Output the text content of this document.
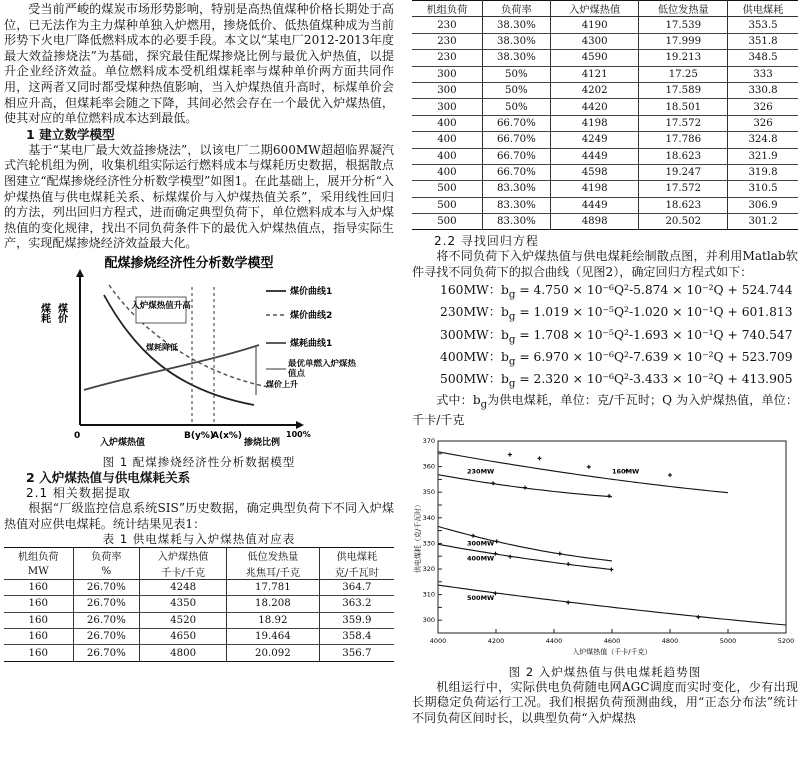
受当前严峻的煤炭市场形势影响，特别是高热值煤种价格长期处于高位，已无法作为主力煤种单独入炉燃用，掺烧低价、低热值煤种成为当前形势下火电厂降低燃料成本的必要手段。本文以“某电厂2012-2013年度最大效益掺烧法”为基础，探究最佳配煤掺烧比例与最优入炉热值，以提升企业经济效益。单位燃料成本受机组煤耗率与煤种单价两方面共同作用，这两者又同时都受煤种热值影响，当入炉煤热值升高时，标煤单价会相应升高，但煤耗率会随之下降，其间必然会存在一个最优入炉煤热值，使其对应的单位燃料成本达到最低。

1 建立数学模型

基于“某电厂最大效益掺烧法”，以该电厂二期600MW超超临界凝汽式汽轮机组为例，收集机组实际运行燃料成本与煤耗历史数据，根据散点图建立“配煤掺烧经济性分析数学模型”如图1。在此基础上，展开分析“入炉煤热值与供电煤耗关系、标煤煤价与入炉煤热值关系”，采用线性回归的方法，列出回归方程式，进而确定典型负荷下，单位燃料成本与入炉煤热值的变化规律，找出不同负荷条件下的最优入炉煤热值点，指导实际生产，实现配煤掺烧经济效益最大化。

配煤掺烧经济性分析数学模型
煤耗 煤价	入炉煤热值升高
煤耗降低
煤价上升
煤价曲线1
煤价曲线2
煤耗曲线1
最优单燃入炉煤热值点
0
入炉煤热值
B(y%)
A(x%)
掺烧比例
100%
图 1 配煤掺烧经济性分析数据模型
2 入炉煤热值与供电煤耗关系
2.1 相关数据提取

根据“厂级监控信息系统SIS”历史数据，确定典型负荷下不同入炉煤热值对应供电煤耗。统计结果见表1：

表 1 供电煤耗与入炉煤热值对应表
机组负荷	负荷率	入炉煤热值	低位发热量	供电煤耗
MW	%	千卡/千克	兆焦耳/千克	克/千瓦时
160	26.70%	4248	17.781	364.7
160	26.70%	4350	18.208	363.2
160	26.70%	4520	18.92	359.9
160	26.70%	4650	19.464	358.4
160	26.70%	4800	20.092	356.7
机组负荷	负荷率	入炉煤热值	低位发热量	供电煤耗
230	38.30%	4190	17.539	353.5
230	38.30%	4300	17.999	351.8
230	38.30%	4590	19.213	348.5
300	50%	4121	17.25	333
300	50%	4202	17.589	330.8
300	50%	4420	18.501	326
400	66.70%	4198	17.572	326
400	66.70%	4249	17.786	324.8
400	66.70%	4449	18.623	321.9
400	66.70%	4598	19.247	319.8
500	83.30%	4198	17.572	310.5
500	83.30%	4449	18.623	306.9
500	83.30%	4898	20.502	301.2
2.2 寻找回归方程

将不同负荷下入炉煤热值与供电煤耗绘制散点图，并利用Matlab软件寻找不同负荷下的拟合曲线（见图2），确定回归方程式如下：

160MW：$b_g = 4.750 \times 10^{-6}Q^2-5.874 \times 10^{-2}Q + 524.744$
230MW：$b_g = 1.019 \times 10^{-5}Q^2-1.020 \times 10^{-1}Q + 601.813$
300MW：$b_g = 1.708 \times 10^{-5}Q^2-1.693 \times 10^{-1}Q + 740.547$
400MW：$b_g = 6.970 \times 10^{-6}Q^2-7.639 \times 10^{-2}Q + 523.709$
500MW：$b_g = 2.320 \times 10^{-6}Q^2-3.433 \times 10^{-2}Q + 413.905$

式中：$b_g$为供电煤耗，单位：克/千瓦时；Q 为入炉煤热值，单位：千卡/千克

4000	4200	4400	4600	4800	5000	5200
300
310
320
330
340
350
360
370
入炉煤热值（千卡/千克）
供电煤耗（克/千瓦时）
160MW
230MW
300MW
400MW
500MW
图 2 入炉煤热值与供电煤耗趋势图

机组运行中，实际供电负荷随电网AGC调度而实时变化，少有出现长期稳定负荷运行工况。我们根据负荷预测曲线，用“正态分布法”统计不同负荷区间时长，以典型负荷“入炉煤热
